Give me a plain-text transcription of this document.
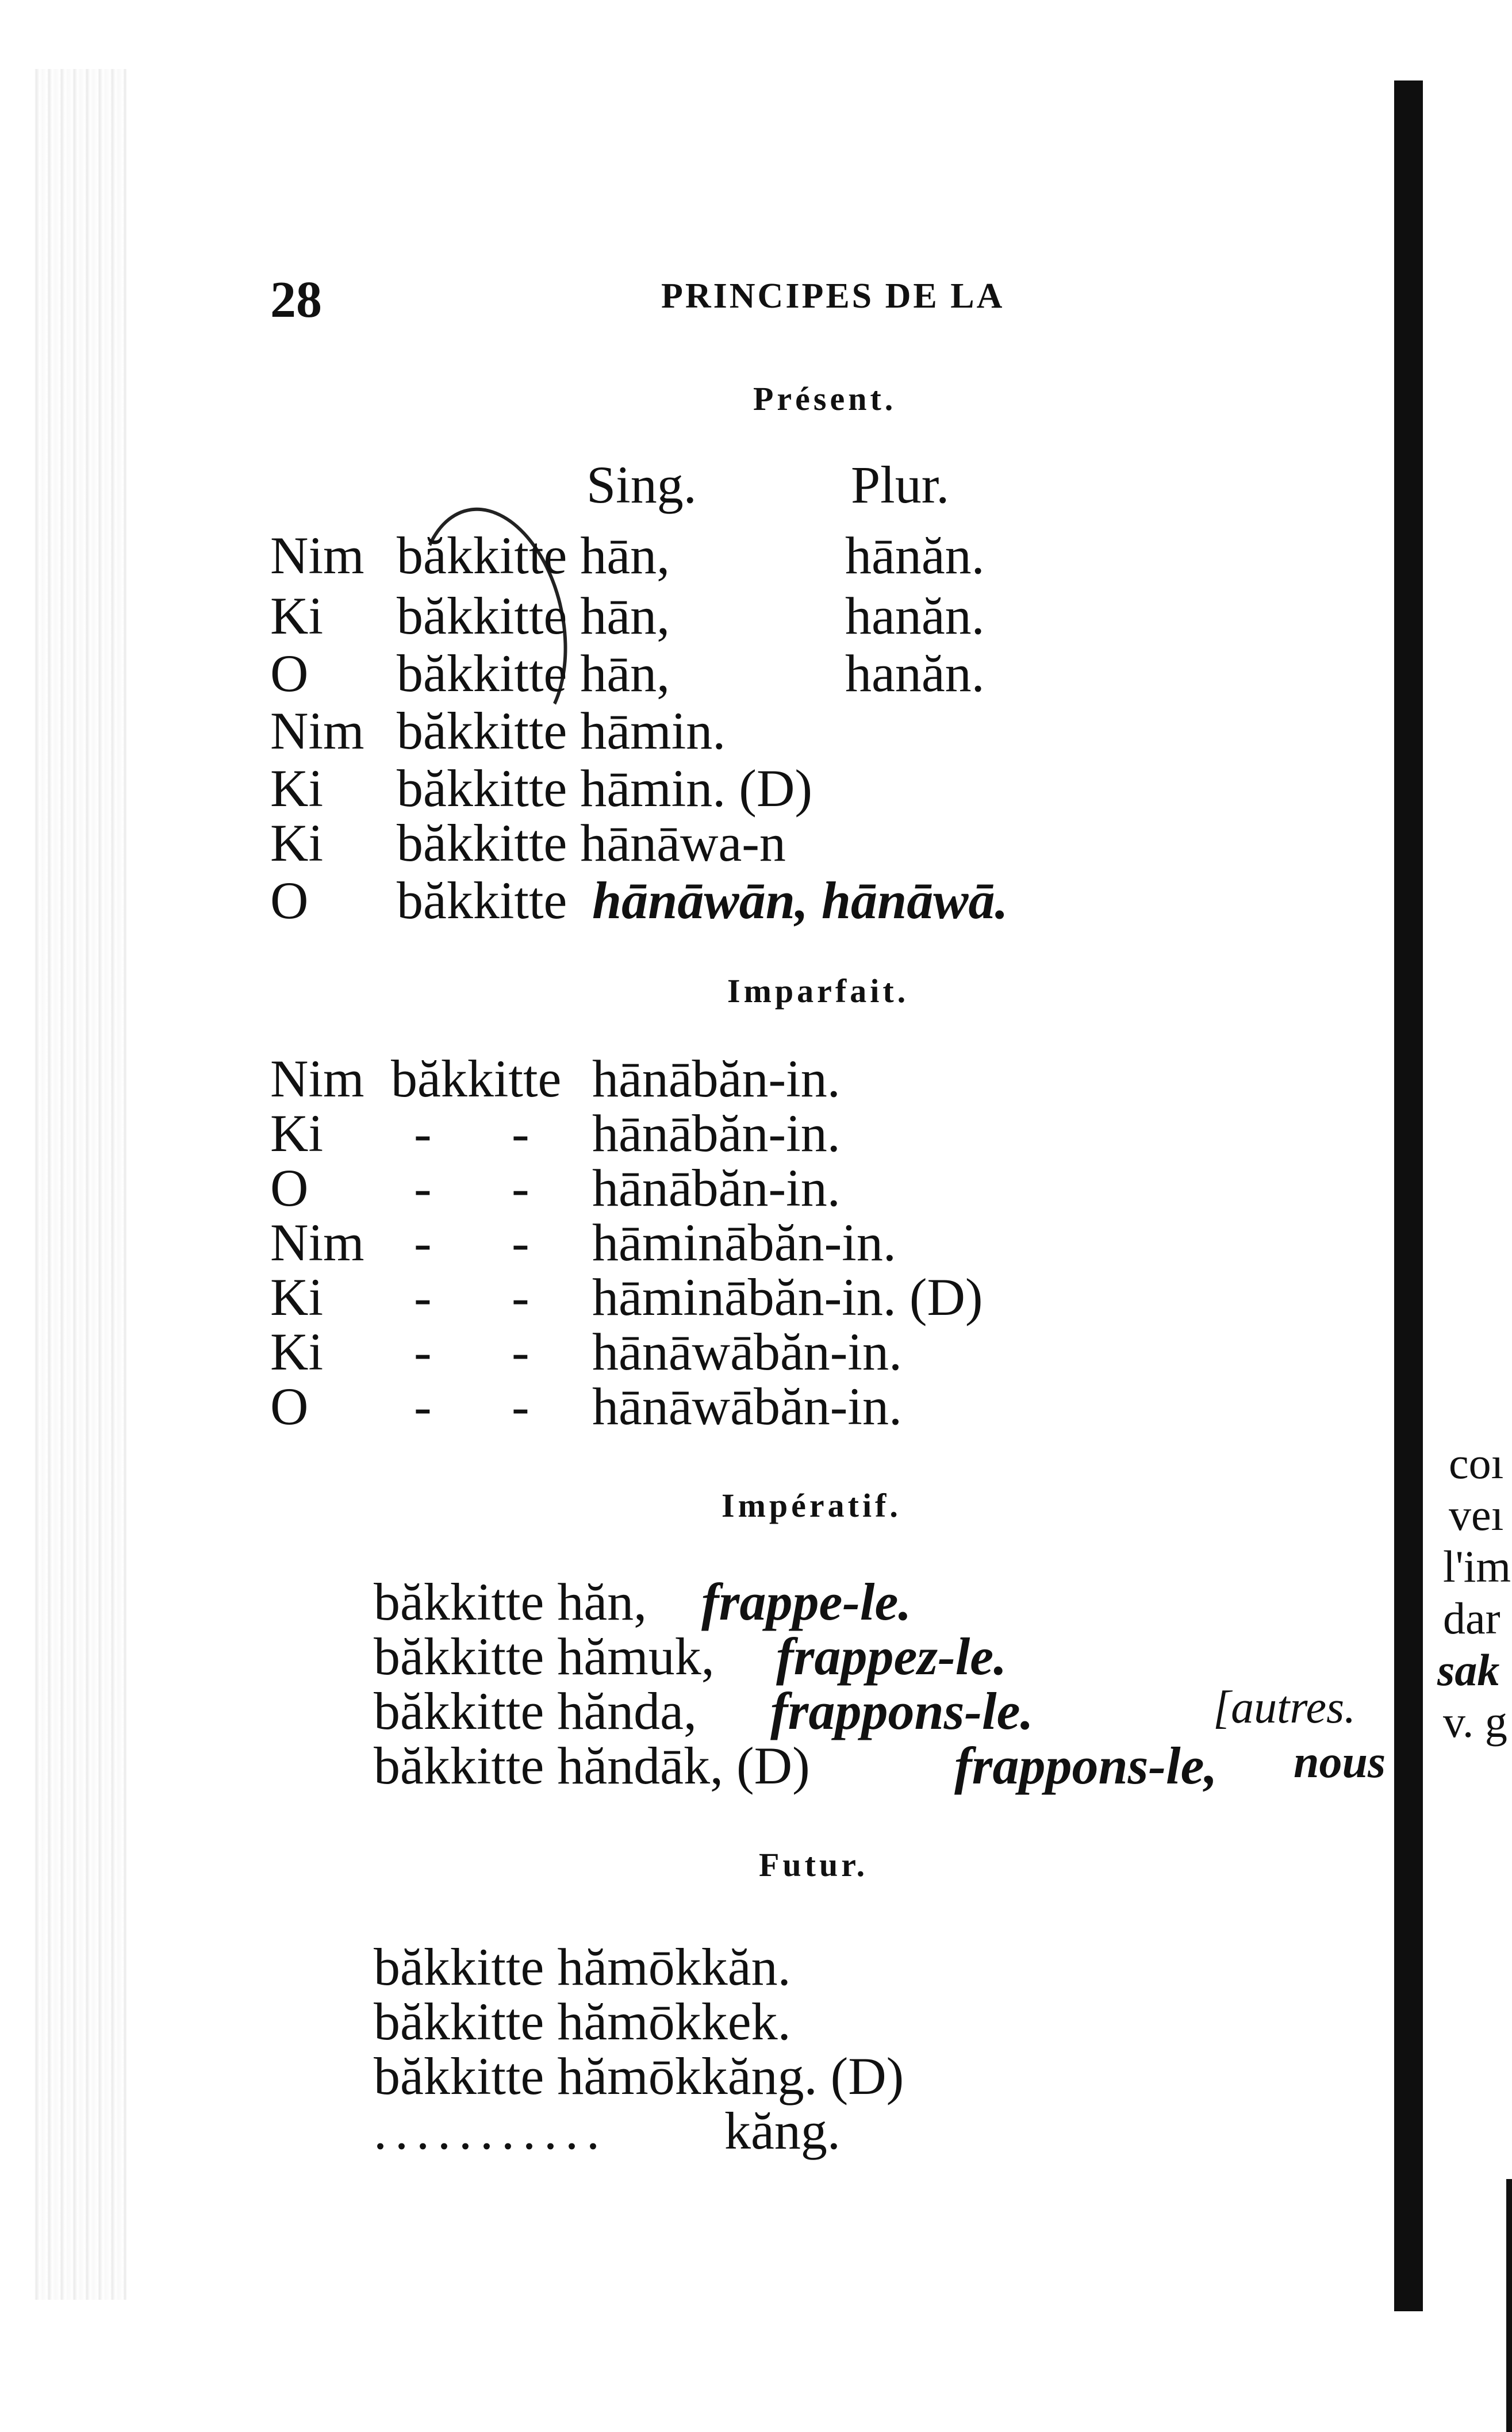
28	PRINCIPES DE LA
Présent.
Sing.	Plur.
Nim băkkitte hān,	hānăn.
Ki băkkitte hān,	hanăn.
O băkkitte hān,	hanăn.
Nim băkkitte hāmin.
Ki băkkitte hāmin. (D)
Ki băkkitte hānāwa-n
O băkkitte hānāwān, hānāwā.
Imparfait.
Nim băkkitte hānābăn-in.
Ki - - hānābăn-in.
O - - hānābăn-in.
Nim - - hāminābăn-in.
Ki - - hāminābăn-in. (D)
Ki - - hānāwābăn-in.
O - - hānāwābăn-in.
Impératif.
băkkitte hăn, frappe-le.
băkkitte hămuk, frappez-le.
băkkitte hănda, frappons-le.	[autres.
băkkitte hăndāk, (D)	frappons-le, nous
Futur.
băkkitte hămōkkăn.
băkkitte hămōkkek.
băkkitte hămōkkăng. (D)
........... kăng.
coı
veı
l'im
dar
sak
v. g
